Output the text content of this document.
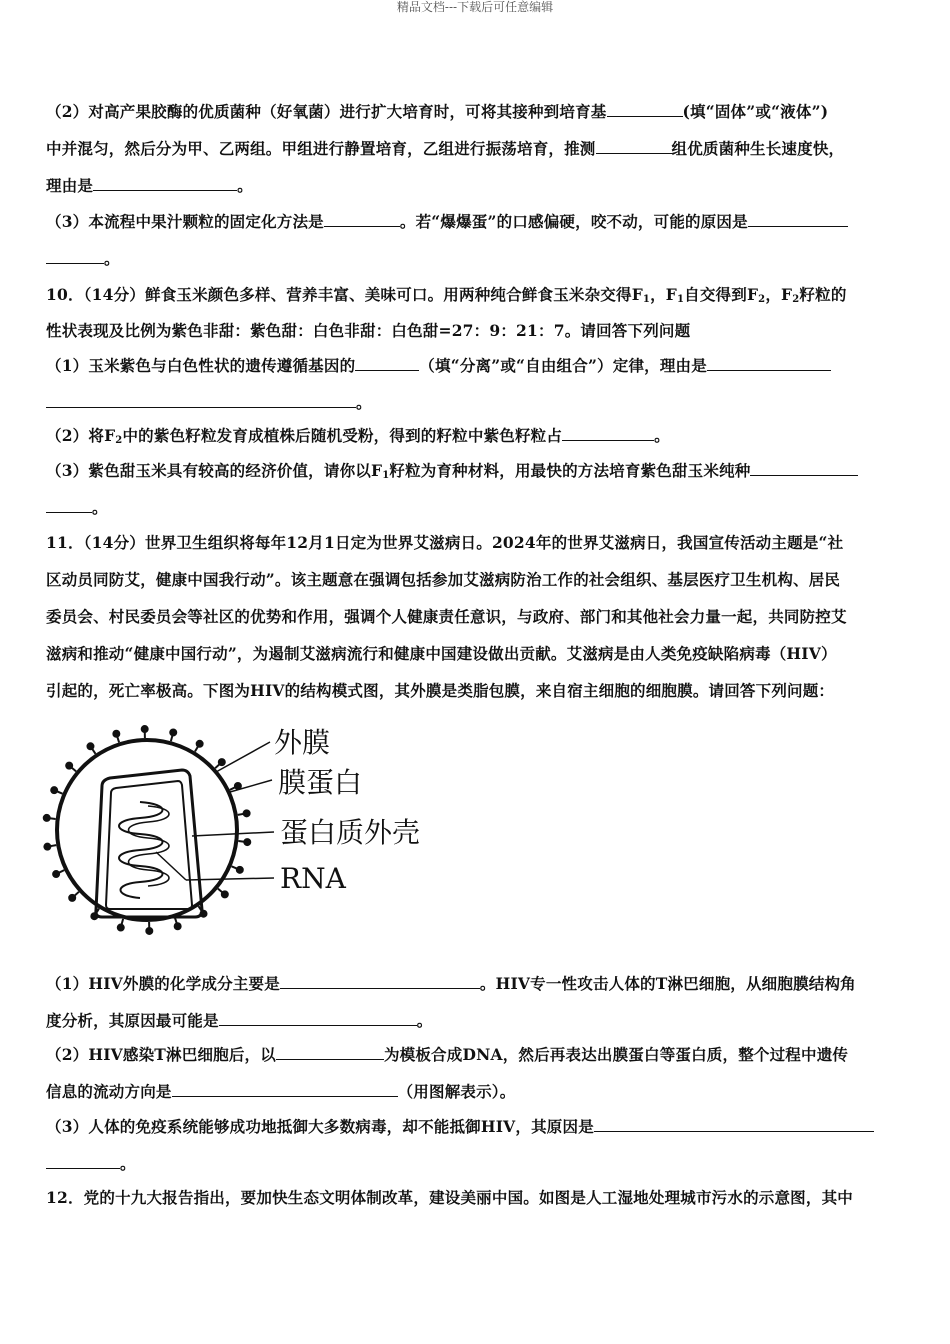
精品文档---下载后可任意编辑
（2）对高产果胶酶的优质菌种（好氧菌）进行扩大培育时，可将其接种到培育基	(填“固体”或“液体”)
中并混匀，然后分为甲、乙两组。甲组进行静置培育，乙组进行振荡培育，推测	组优质菌种生长速度快，
理由是	。
（3）本流程中果汁颗粒的固定化方法是	。若“爆爆蛋”的口感偏硬，咬不动，可能的原因是
。
10．（14分）鲜食玉米颜色多样、营养丰富、美味可口。用两种纯合鲜食玉米杂交得$F_1$，$F_1$自交得到$F_2$，$F_2$籽粒的
性状表现及比例为紫色非甜：紫色甜：白色非甜：白色甜=27：9：21：7。请回答下列问题
（1）玉米紫色与白色性状的遗传遵循基因的	（填“分离”或“自由组合”）定律，理由是
。
（2）将$F_2$中的紫色籽粒发育成植株后随机受粉，得到的籽粒中紫色籽粒占	。
（3）紫色甜玉米具有较高的经济价值，请你以$F_1$籽粒为育种材料，用最快的方法培育紫色甜玉米纯种
。
11．（14分）世界卫生组织将每年12月1日定为世界艾滋病日。2024年的世界艾滋病日，我国宣传活动主题是“社
区动员同防艾，健康中国我行动”。该主题意在强调包括参加艾滋病防治工作的社会组织、基层医疗卫生机构、居民
委员会、村民委员会等社区的优势和作用，强调个人健康责任意识，与政府、部门和其他社会力量一起，共同防控艾
滋病和推动“健康中国行动”，为遏制艾滋病流行和健康中国建设做出贡献。艾滋病是由人类免疫缺陷病毒（HIV）
引起的，死亡率极高。下图为HIV的结构模式图，其外膜是类脂包膜，来自宿主细胞的细胞膜。请回答下列问题：
外膜
膜蛋白
蛋白质外壳
RNA
（1）HIV外膜的化学成分主要是	。HIV专一性攻击人体的T淋巴细胞，从细胞膜结构角
度分析，其原因最可能是	。
（2）HIV感染T淋巴细胞后，以	为模板合成DNA，然后再表达出膜蛋白等蛋白质，整个过程中遗传
信息的流动方向是	（用图解表示）。
（3）人体的免疫系统能够成功地抵御大多数病毒，却不能抵御HIV，其原因是
。
12．党的十九大报告指出，要加快生态文明体制改革，建设美丽中国。如图是人工湿地处理城市污水的示意图，其中
